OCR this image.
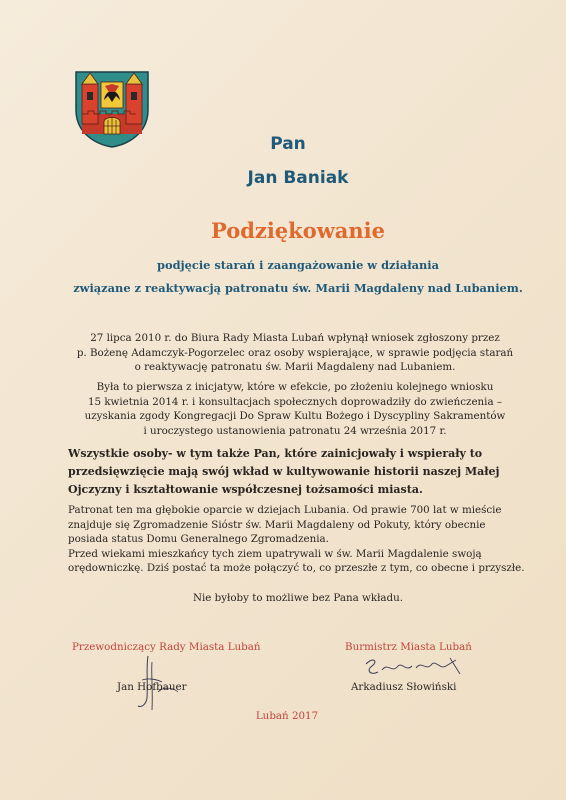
Pan
Jan Baniak
Podziękowanie
podjęcie starań i zaangażowanie w działania
związane z reaktywacją patronatu św. Marii Magdaleny nad Lubaniem.
27 lipca 2010 r. do Biura Rady Miasta Lubań wpłynął wniosek zgłoszony przez
p. Bożenę Adamczyk-Pogorzelec oraz osoby wspierające, w sprawie podjęcia starań
o reaktywację patronatu św. Marii Magdaleny nad Lubaniem.
Była to pierwsza z inicjatyw, które w efekcie, po złożeniu kolejnego wniosku
15 kwietnia 2014 r. i konsultacjach społecznych doprowadziły do zwieńczenia –
uzyskania zgody Kongregacji Do Spraw Kultu Bożego i Dyscypliny Sakramentów
i uroczystego ustanowienia patronatu 24 września 2017 r.
Wszystkie osoby- w tym także Pan, które zainicjowały i wspierały to
przedsięwzięcie mają swój wkład w kultywowanie historii naszej Małej
Ojczyzny i kształtowanie współczesnej tożsamości miasta.
Patronat ten ma głębokie oparcie w dziejach Lubania. Od prawie 700 lat w mieście
znajduje się Zgromadzenie Sióstr św. Marii Magdaleny od Pokuty, który obecnie
posiada status Domu Generalnego Zgromadzenia.
Przed wiekami mieszkańcy tych ziem upatrywali w św. Marii Magdalenie swoją
orędowniczkę. Dziś postać ta może połączyć to, co przeszłe z tym, co obecne i przyszłe.
Nie byłoby to możliwe bez Pana wkładu.
Przewodniczący Rady Miasta Lubań
Jan Hofbauer
Burmistrz Miasta Lubań
Arkadiusz Słowiński
Lubań 2017
